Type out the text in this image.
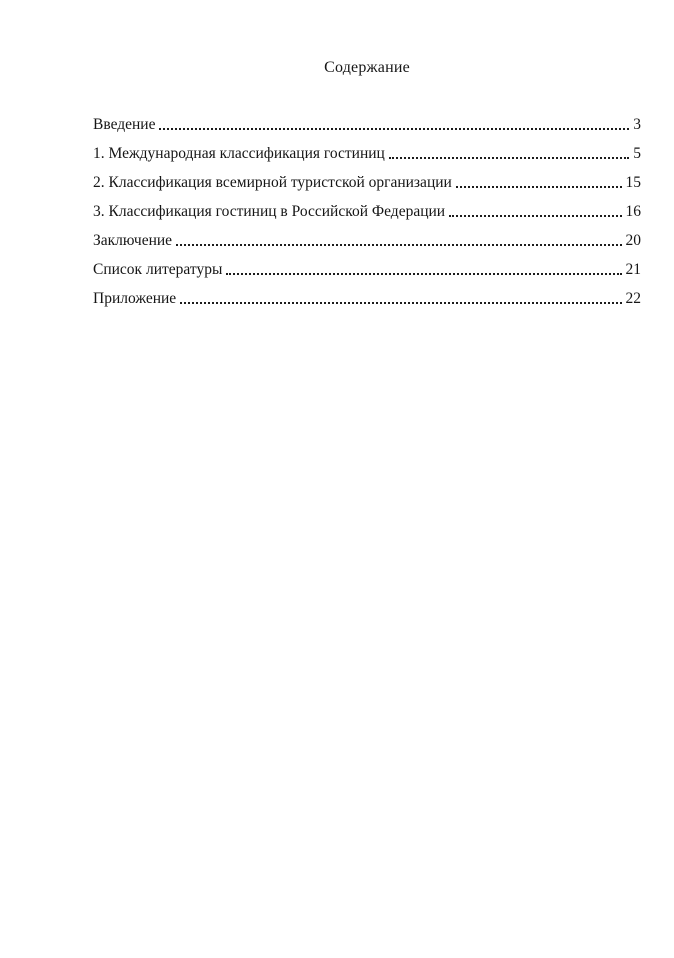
Содержание
Введение	3
1. Международная классификация гостиниц	5
2. Классификация всемирной туристской организации	15
3. Классификация гостиниц в Российской Федерации	16
Заключение	20
Список литературы	21
Приложение	22
